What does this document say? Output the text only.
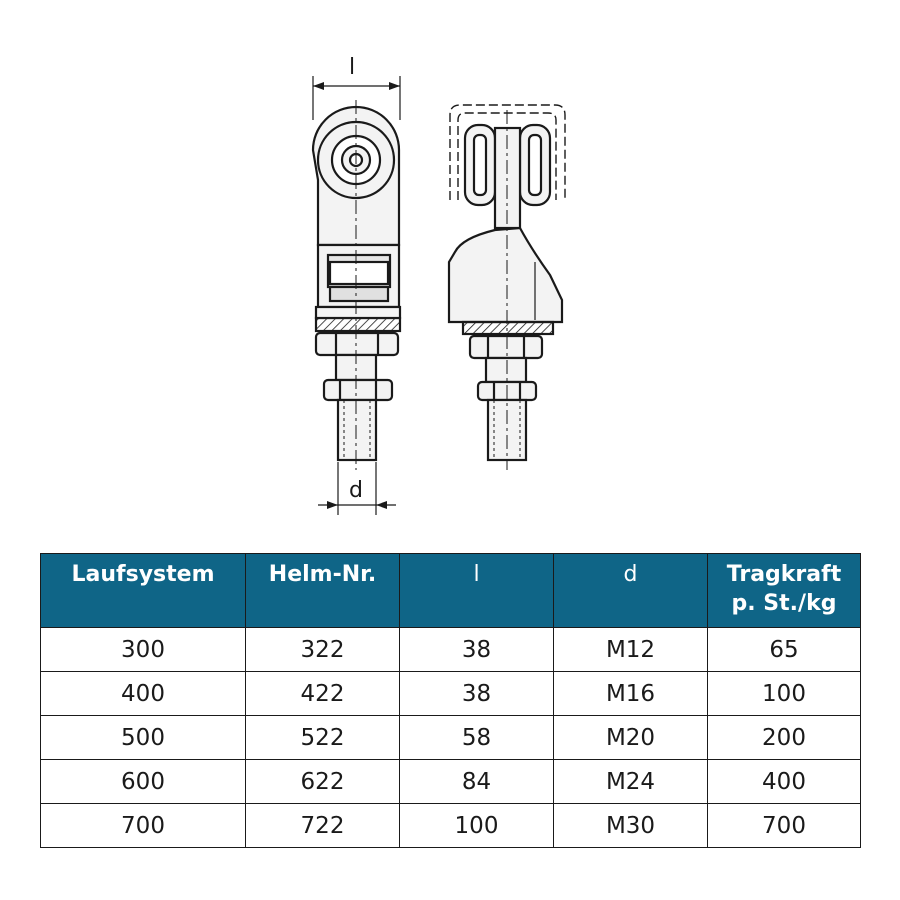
l
d
Laufsystem	Helm-Nr.	l	d	Tragkraft
p. St./kg

300	322	38	M12	65
400	422	38	M16	100
500	522	58	M20	200
600	622	84	M24	400
700	722	100	M30	700
